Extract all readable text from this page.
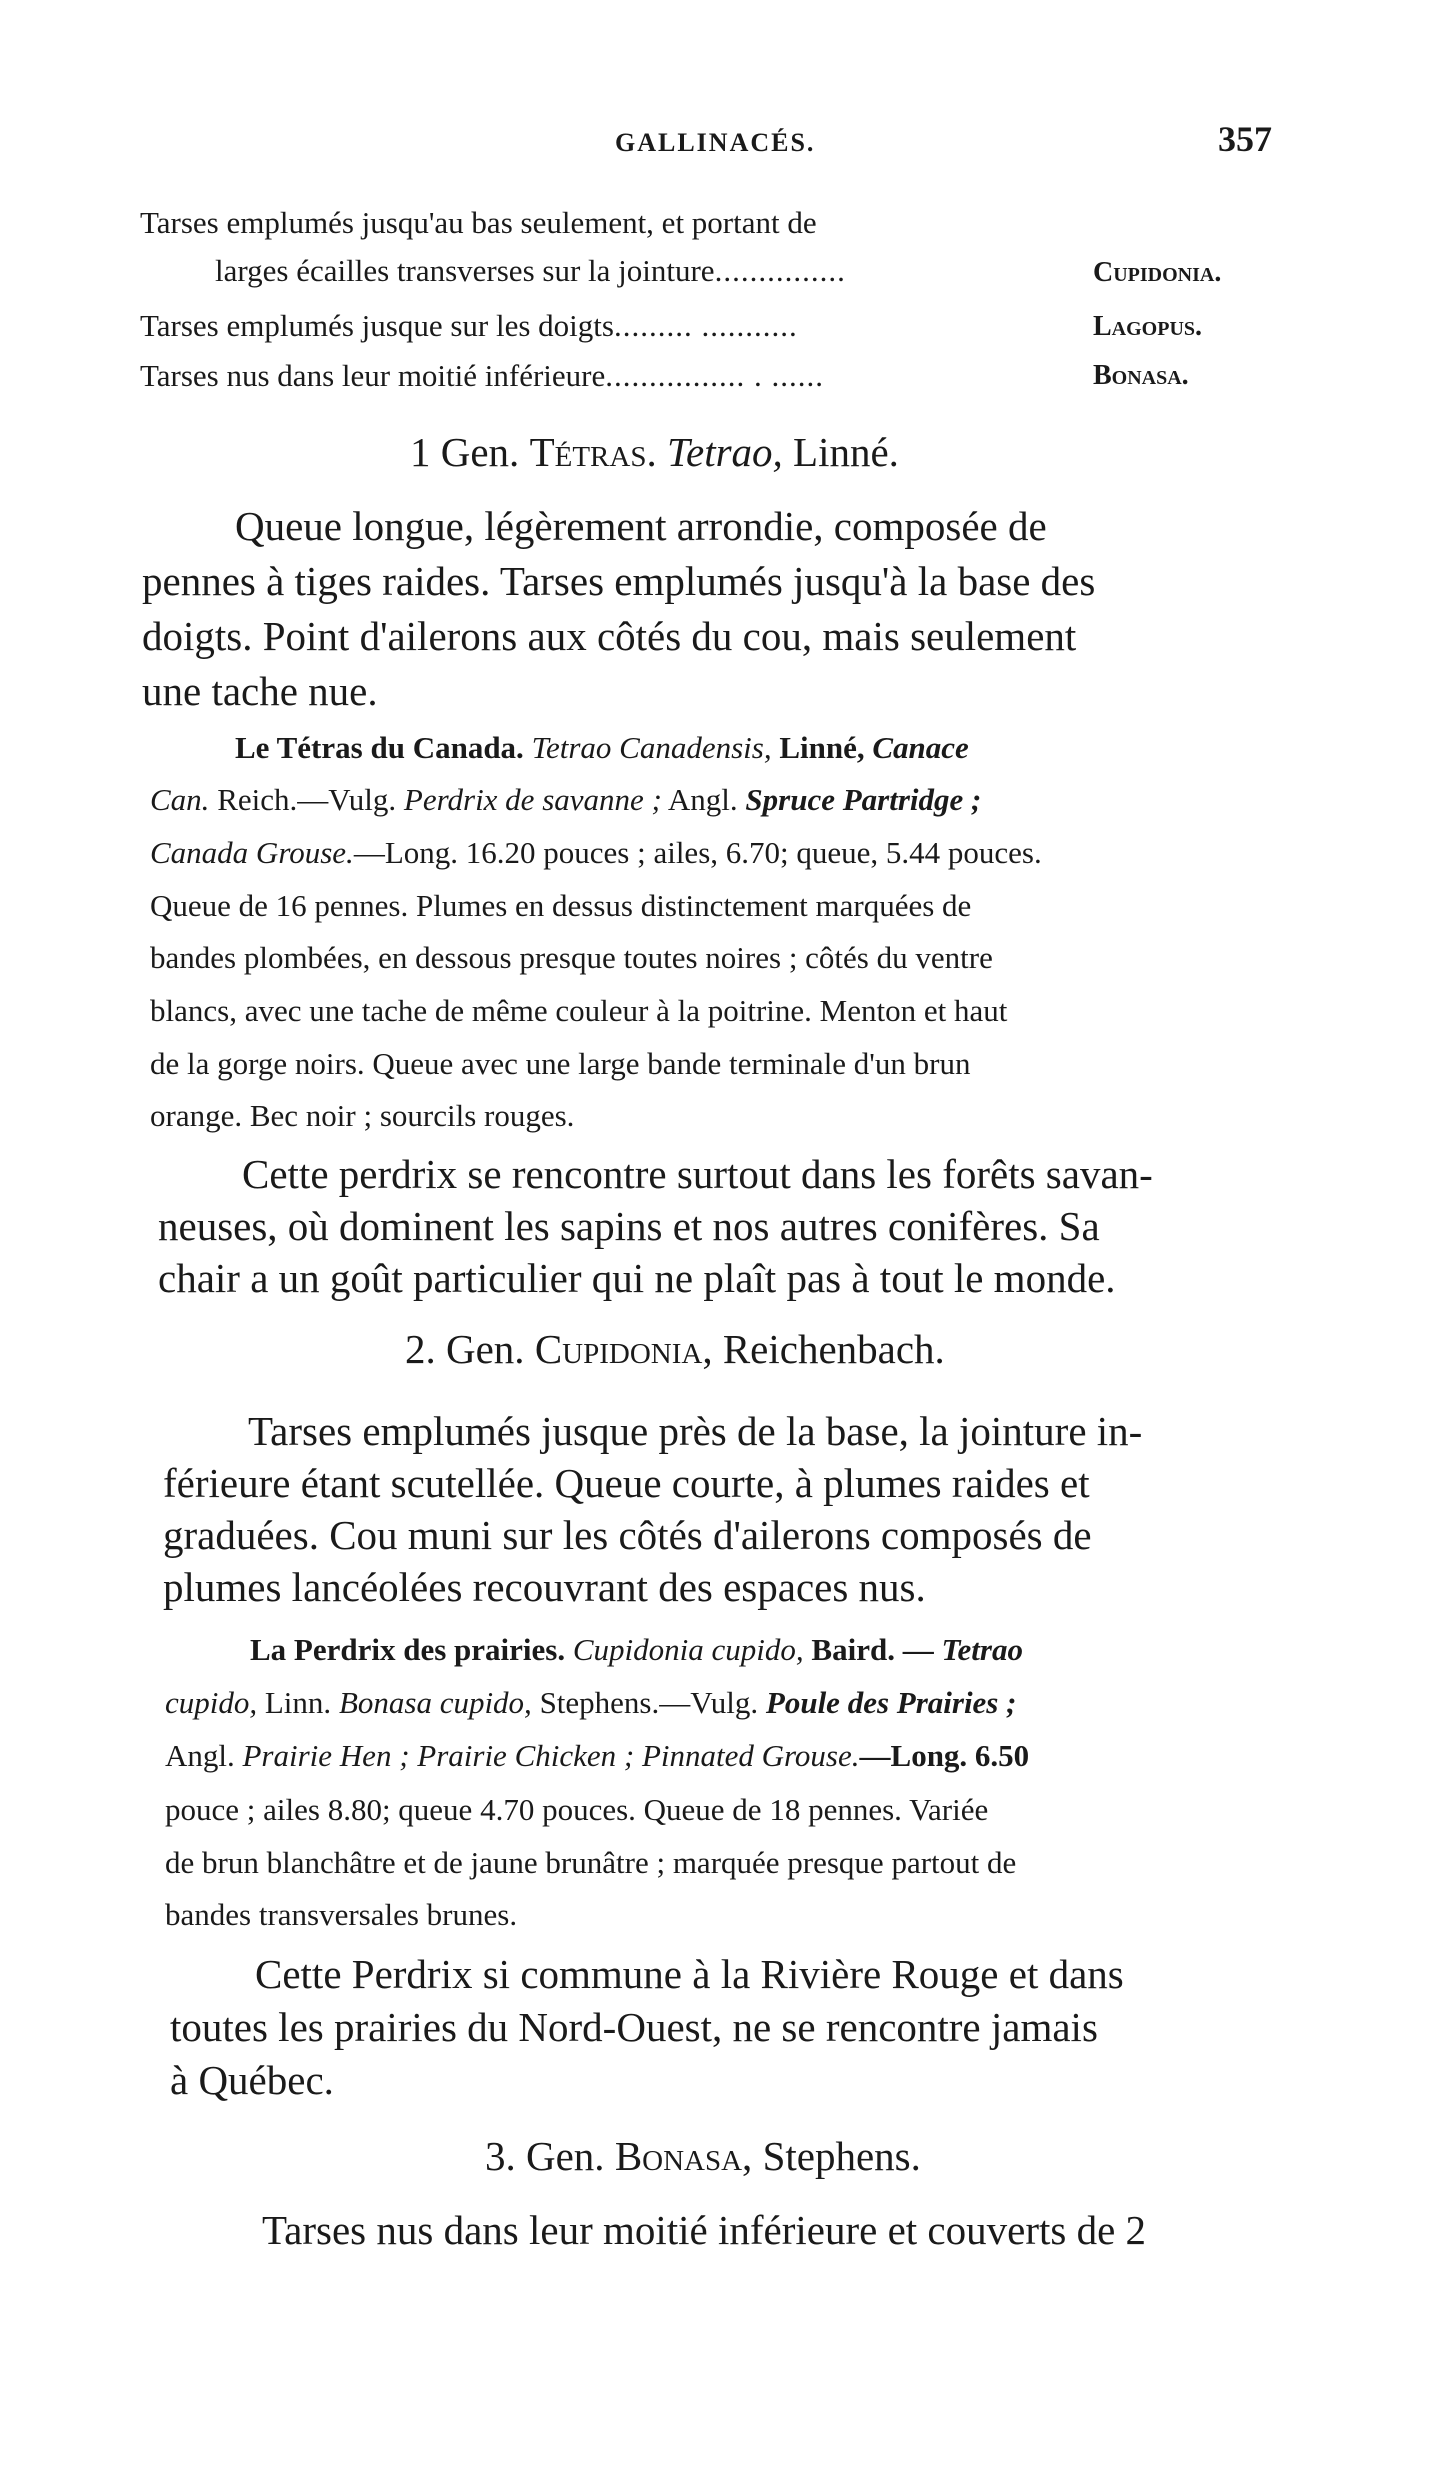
GALLINACÉS.	357
Tarses emplumés jusqu'au bas seulement, et portant de
larges écailles transverses sur la jointure...............	Cupidonia.
Tarses emplumés jusque sur les doigts......... ...........	Lagopus.
Tarses nus dans leur moitié inférieure................ . ......	Bonasa.
1 Gen. Tétras. Tetrao, Linné.
Queue longue, légèrement arrondie, composée de
pennes à tiges raides. Tarses emplumés jusqu'à la base des
doigts. Point d'ailerons aux côtés du cou, mais seulement
une tache nue.
Le Tétras du Canada. Tetrao Canadensis, Linné, Canace
Can. Reich.—Vulg. Perdrix de savanne ; Angl. Spruce Partridge ;
Canada Grouse.—Long. 16.20 pouces ; ailes, 6.70; queue, 5.44 pouces.
Queue de 16 pennes. Plumes en dessus distinctement marquées de
bandes plombées, en dessous presque toutes noires ; côtés du ventre
blancs, avec une tache de même couleur à la poitrine. Menton et haut
de la gorge noirs. Queue avec une large bande terminale d'un brun
orange. Bec noir ; sourcils rouges.
Cette perdrix se rencontre surtout dans les forêts savan-
neuses, où dominent les sapins et nos autres conifères. Sa
chair a un goût particulier qui ne plaît pas à tout le monde.
2. Gen. Cupidonia, Reichenbach.
Tarses emplumés jusque près de la base, la jointure in-
férieure étant scutellée. Queue courte, à plumes raides et
graduées. Cou muni sur les côtés d'ailerons composés de
plumes lancéolées recouvrant des espaces nus.
La Perdrix des prairies. Cupidonia cupido, Baird. — Tetrao
cupido, Linn. Bonasa cupido, Stephens.—Vulg. Poule des Prairies ;
Angl. Prairie Hen ; Prairie Chicken ; Pinnated Grouse.—Long. 6.50
pouce ; ailes 8.80; queue 4.70 pouces. Queue de 18 pennes. Variée
de brun blanchâtre et de jaune brunâtre ; marquée presque partout de
bandes transversales brunes.
Cette Perdrix si commune à la Rivière Rouge et dans
toutes les prairies du Nord-Ouest, ne se rencontre jamais
à Québec.
3. Gen. Bonasa, Stephens.
Tarses nus dans leur moitié inférieure et couverts de 2
